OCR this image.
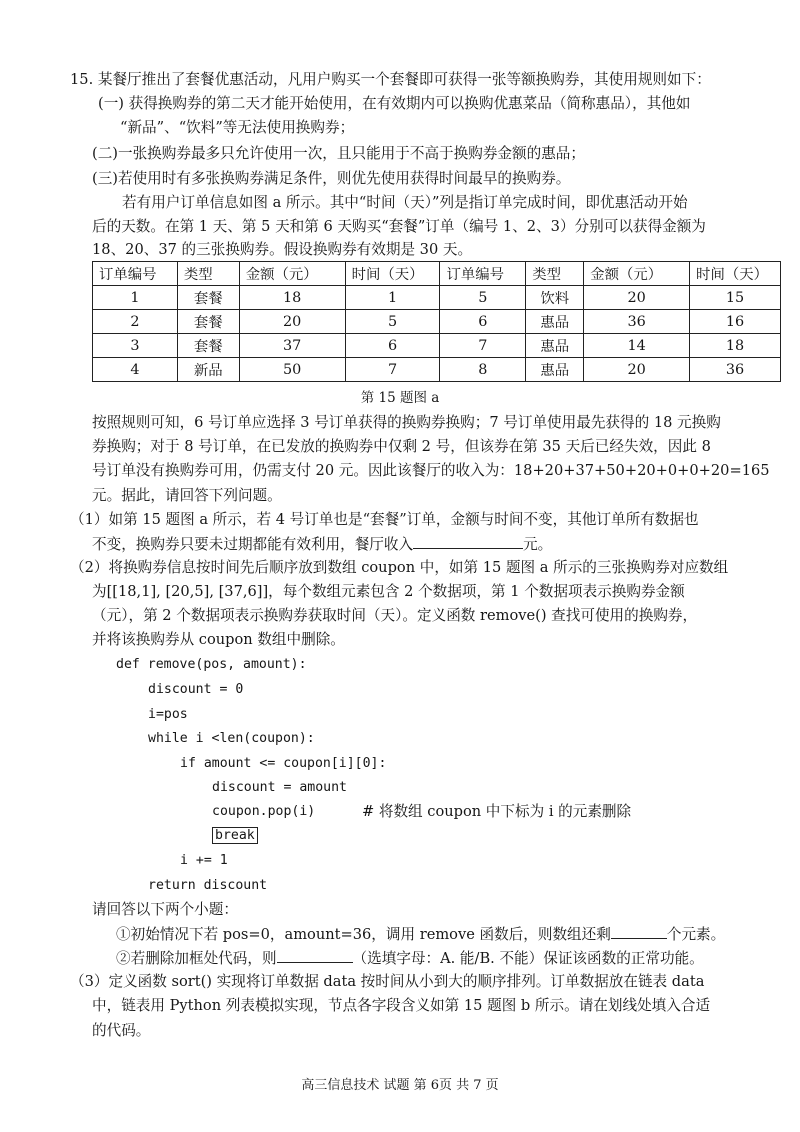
15. 某餐厅推出了套餐优惠活动，凡用户购买一个套餐即可获得一张等额换购券，其使用规则如下：
(一) 获得换购券的第二天才能开始使用，在有效期内可以换购优惠菜品（简称惠品），其他如
“新品”、“饮料”等无法使用换购券；
(二)一张换购券最多只允许使用一次，且只能用于不高于换购券金额的惠品；
(三)若使用时有多张换购券满足条件，则优先使用获得时间最早的换购券。
若有用户订单信息如图 a 所示。其中“时间（天）”列是指订单完成时间，即优惠活动开始
后的天数。在第 1 天、第 5 天和第 6 天购买“套餐”订单（编号 1、2、3）分别可以获得金额为
18、20、37 的三张换购券。假设换购券有效期是 30 天。
订单编号	类型	金额（元）	时间（天）	订单编号	类型	金额（元）	时间（天）
1	套餐	18	1	5	饮料	20	15
2	套餐	20	5	6	惠品	36	16
3	套餐	37	6	7	惠品	14	18
4	新品	50	7	8	惠品	20	36
第 15 题图 a
按照规则可知，6 号订单应选择 3 号订单获得的换购券换购；7 号订单使用最先获得的 18 元换购
券换购；对于 8 号订单，在已发放的换购券中仅剩 2 号，但该券在第 35 天后已经失效，因此 8
号订单没有换购券可用，仍需支付 20 元。因此该餐厅的收入为：18+20+37+50+20+0+0+20=165
元。据此，请回答下列问题。
（1）如第 15 题图 a 所示，若 4 号订单也是“套餐”订单，金额与时间不变，其他订单所有数据也
不变，换购券只要未过期都能有效利用，餐厅收入	元。
（2）将换购券信息按时间先后顺序放到数组 coupon 中，如第 15 题图 a 所示的三张换购券对应数组
为[[18,1], [20,5], [37,6]]，每个数组元素包含 2 个数据项，第 1 个数据项表示换购券金额
（元），第 2 个数据项表示换购券获取时间（天）。定义函数 remove() 查找可使用的换购券，
并将该换购券从 coupon 数组中删除。
def remove(pos, amount):
discount = 0
i=pos
while i <len(coupon):
if amount <= coupon[i][0]:
discount = amount
coupon.pop(i)	# 将数组 coupon 中下标为 i 的元素删除
break
i += 1
return discount
请回答以下两个小题：
①初始情况下若 pos=0，amount=36，调用 remove 函数后，则数组还剩	个元素。
②若删除加框处代码，则	（选填字母：A. 能/B. 不能）保证该函数的正常功能。
（3）定义函数 sort() 实现将订单数据 data 按时间从小到大的顺序排列。订单数据放在链表 data
中，链表用 Python 列表模拟实现，节点各字段含义如第 15 题图 b 所示。请在划线处填入合适
的代码。
高三信息技术 试题 第 6页 共 7 页
